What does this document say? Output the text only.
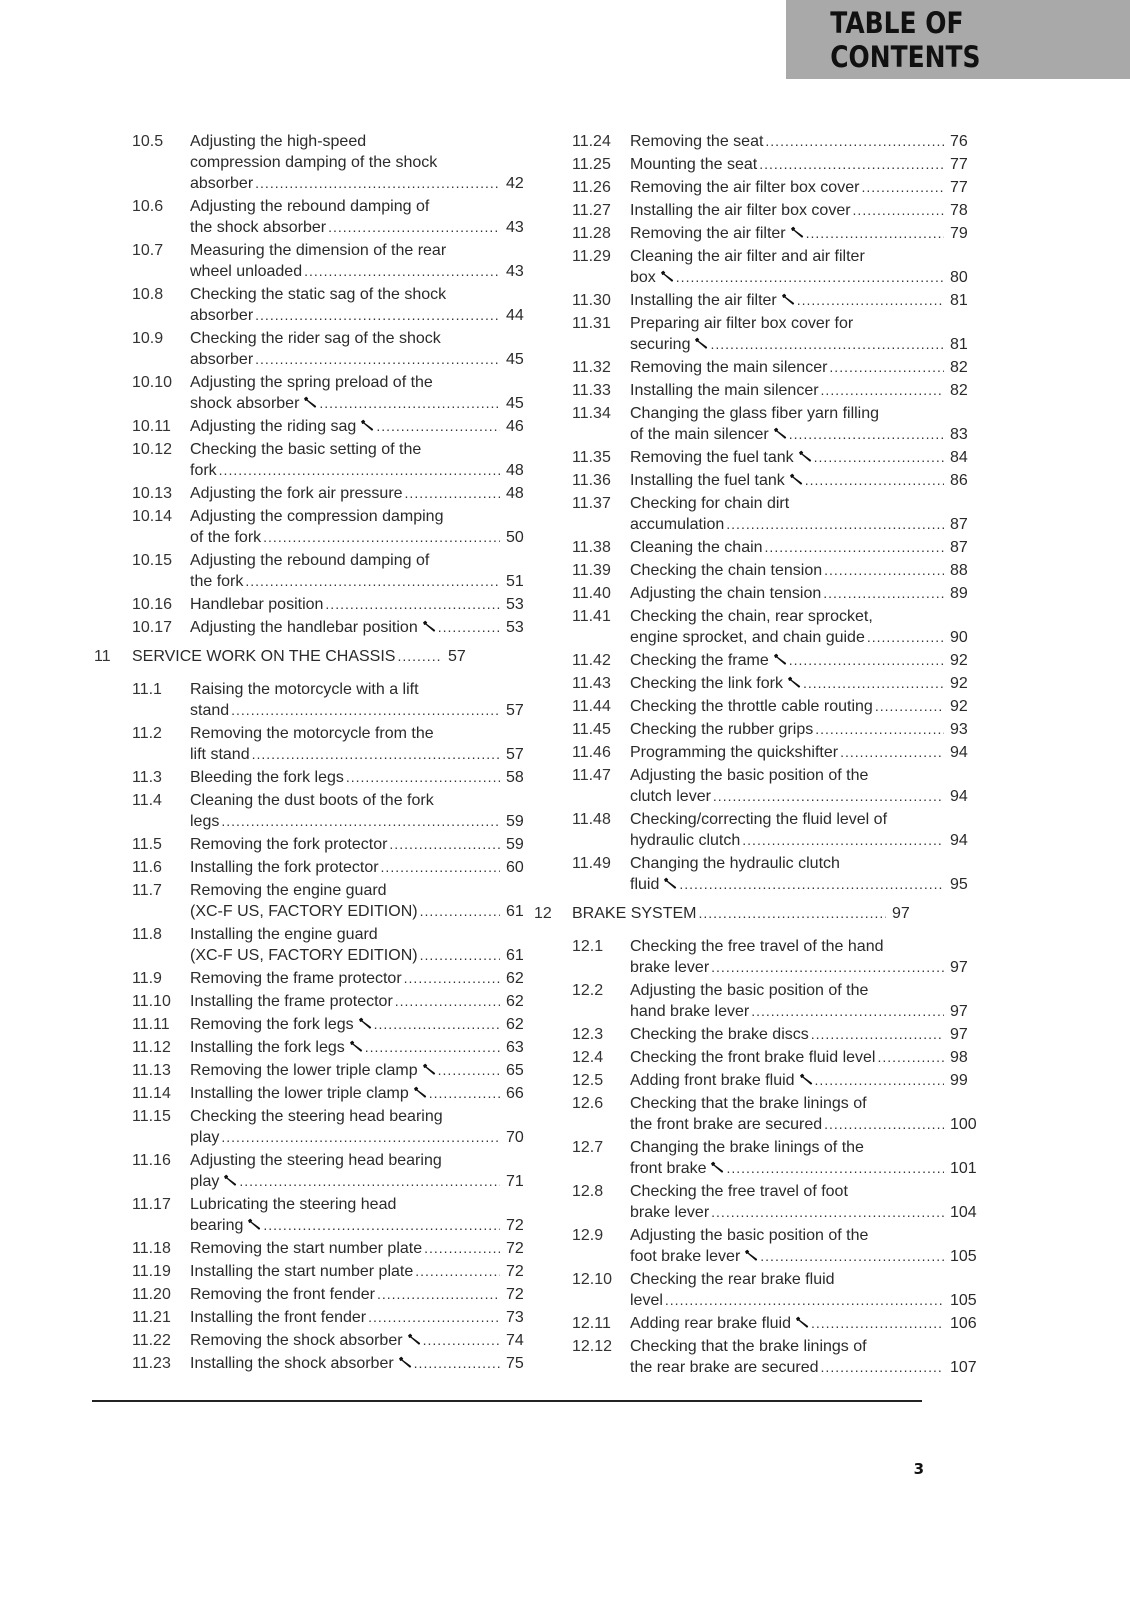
TABLE OF CONTENTS
10.5	Adjusting the high-speed
compression damping of the shock
absorber .....	42
10.6	Adjusting the rebound damping of
the shock absorber .....	43
10.7	Measuring the dimension of the rear
wheel unloaded .....	43
10.8	Checking the static sag of the shock
absorber .....	44
10.9	Checking the rider sag of the shock
absorber .....	45
10.10	Adjusting the spring preload of the
shock absorber .....	45
10.11	Adjusting the riding sag .....	46
10.12	Checking the basic setting of the
fork .....	48
10.13	Adjusting the fork air pressure .....	48
10.14	Adjusting the compression damping
of the fork .....	50
10.15	Adjusting the rebound damping of
the fork .....	51
10.16	Handlebar position .....	53
10.17	Adjusting the handlebar position .....	53
11	SERVICE WORK ON THE CHASSIS .....	57
11.1	Raising the motorcycle with a lift
stand .....	57
11.2	Removing the motorcycle from the
lift stand .....	57
11.3	Bleeding the fork legs .....	58
11.4	Cleaning the dust boots of the fork
legs .....	59
11.5	Removing the fork protector .....	59
11.6	Installing the fork protector .....	60
11.7	Removing the engine guard
(XC-F US, FACTORY EDITION) .....	61
11.8	Installing the engine guard
(XC-F US, FACTORY EDITION) .....	61
11.9	Removing the frame protector .....	62
11.10	Installing the frame protector .....	62
11.11	Removing the fork legs .....	62
11.12	Installing the fork legs .....	63
11.13	Removing the lower triple clamp .....	65
11.14	Installing the lower triple clamp .....	66
11.15	Checking the steering head bearing
play .....	70
11.16	Adjusting the steering head bearing
play .....	71
11.17	Lubricating the steering head
bearing .....	72
11.18	Removing the start number plate .....	72
11.19	Installing the start number plate .....	72
11.20	Removing the front fender .....	72
11.21	Installing the front fender .....	73
11.22	Removing the shock absorber .....	74
11.23	Installing the shock absorber .....	75
11.24	Removing the seat .....	76
11.25	Mounting the seat .....	77
11.26	Removing the air filter box cover .....	77
11.27	Installing the air filter box cover .....	78
11.28	Removing the air filter .....	79
11.29	Cleaning the air filter and air filter
box .....	80
11.30	Installing the air filter .....	81
11.31	Preparing air filter box cover for
securing .....	81
11.32	Removing the main silencer .....	82
11.33	Installing the main silencer .....	82
11.34	Changing the glass fiber yarn filling
of the main silencer .....	83
11.35	Removing the fuel tank .....	84
11.36	Installing the fuel tank .....	86
11.37	Checking for chain dirt
accumulation .....	87
11.38	Cleaning the chain .....	87
11.39	Checking the chain tension .....	88
11.40	Adjusting the chain tension .....	89
11.41	Checking the chain, rear sprocket,
engine sprocket, and chain guide .....	90
11.42	Checking the frame .....	92
11.43	Checking the link fork .....	92
11.44	Checking the throttle cable routing .....	92
11.45	Checking the rubber grips .....	93
11.46	Programming the quickshifter .....	94
11.47	Adjusting the basic position of the
clutch lever .....	94
11.48	Checking/correcting the fluid level of
hydraulic clutch .....	94
11.49	Changing the hydraulic clutch
fluid .....	95
12	BRAKE SYSTEM .....	97
12.1	Checking the free travel of the hand
brake lever .....	97
12.2	Adjusting the basic position of the
hand brake lever .....	97
12.3	Checking the brake discs .....	97
12.4	Checking the front brake fluid level .....	98
12.5	Adding front brake fluid .....	99
12.6	Checking that the brake linings of
the front brake are secured .....	100
12.7	Changing the brake linings of the
front brake .....	101
12.8	Checking the free travel of foot
brake lever .....	104
12.9	Adjusting the basic position of the
foot brake lever .....	105
12.10	Checking the rear brake fluid
level .....	105
12.11	Adding rear brake fluid .....	106
12.12	Checking that the brake linings of
the rear brake are secured .....	107
3
